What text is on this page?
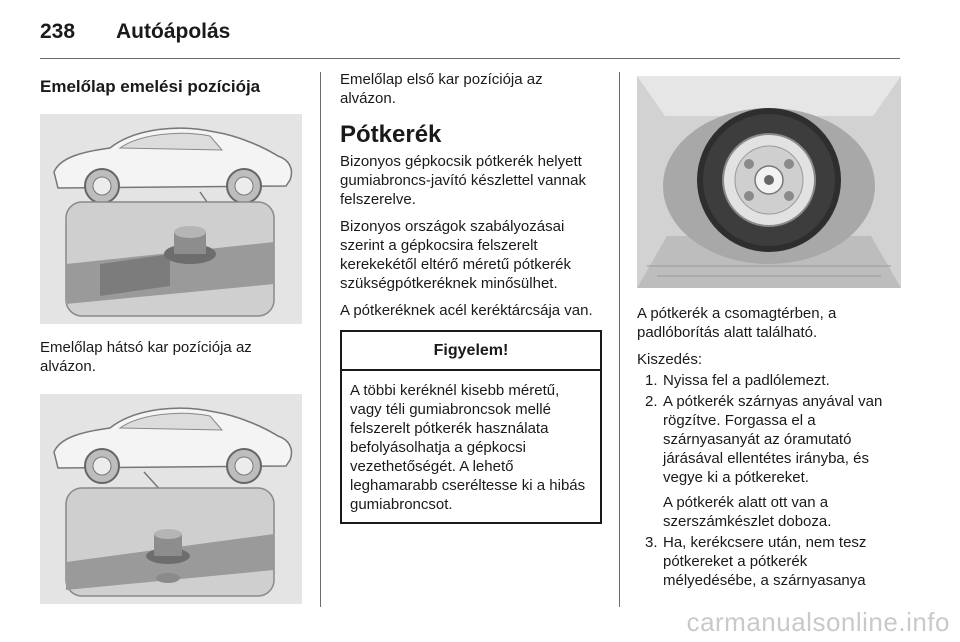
238 Autóápolás
Emelőlap emelési pozíciója

Emelőlap hátsó kar pozíciója az alvázon.

Emelőlap első kar pozíciója az alvázon.

Pótkerék

Bizonyos gépkocsik pótkerék helyett gumiabroncs-javító készlettel vannak felszerelve.

Bizonyos országok szabályozásai szerint a gépkocsira felszerelt kerekekétől eltérő méretű pótkerék szükségpótkeréknek minősülhet.

A pótkeréknek acél keréktárcsája van.

Figyelem!
A többi keréknél kisebb méretű, vagy téli gumiabroncsok mellé felszerelt pótkerék használata befolyásolhatja a gépkocsi vezethetőségét. A lehető leghamarabb cseréltesse ki a hibás gumiabroncsot.

A pótkerék a csomagtérben, a padlóborítás alatt található.

Kiszedés:

1. Nyissa fel a padlólemezt.

2. A pótkerék szárnyas anyával van rögzítve. Forgassa el a szárnyasanyát az óramutató járásával ellentétes irányba, és vegye ki a pótkereket.

A pótkerék alatt ott van a szerszámkészlet doboza.

3. Ha, kerékcsere után, nem tesz pótkereket a pótkerék mélyedésébe, a szárnyasanya

carmanualsonline.info
